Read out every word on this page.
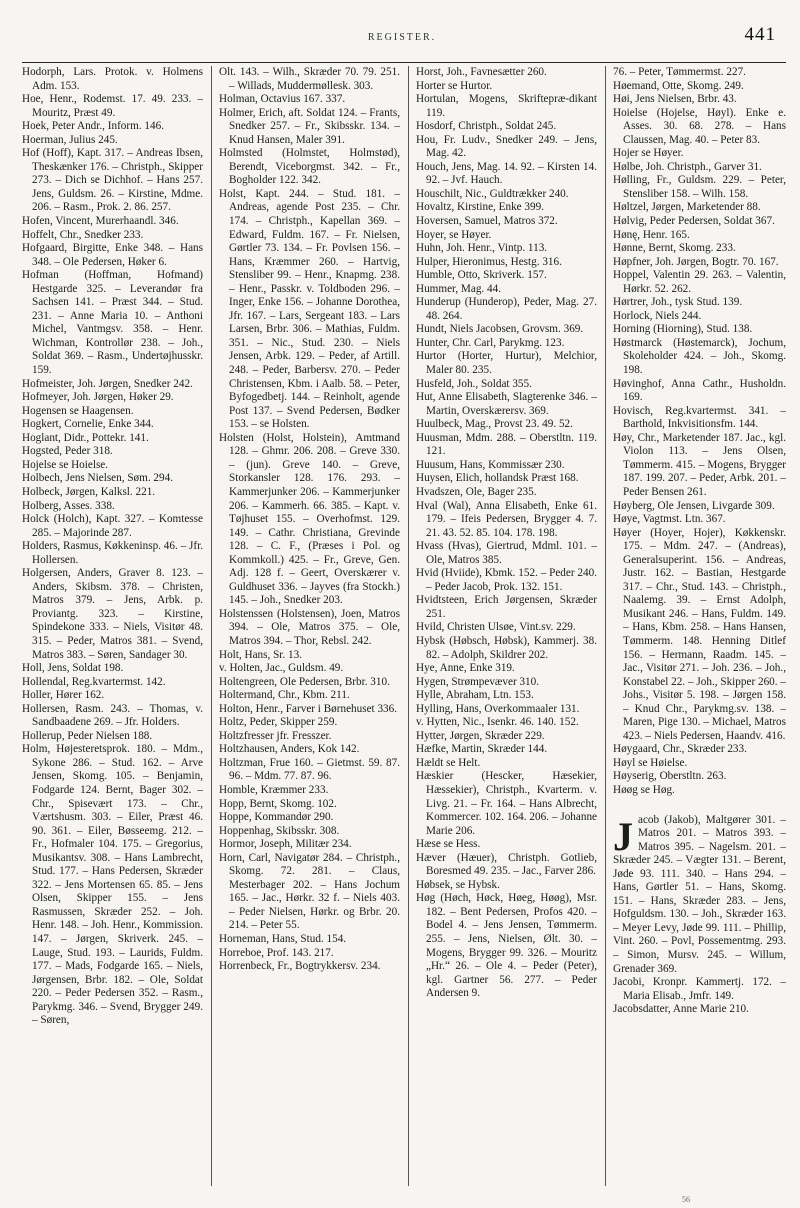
REGISTER.	441

Hodorph, Lars. Protok. v. Holmens Adm. 153.

Hoe, Henr., Rodemst. 17. 49. 233. – Mouritz, Præst 49.

Hoek, Peter Andr., Inform. 146.

Hoerman, Julius 245.

Hof (Hoff), Kapt. 317. – Andreas Ibsen, Theskænker 176. – Christph., Skipper 273. – Dich se Dichhof. – Hans 257. Jens, Guldsm. 26. – Kirstine, Mdme. 206. – Rasm., Prok. 2. 86. 257.

Hofen, Vincent, Murerhaandl. 346.

Hoffelt, Chr., Snedker 233.

Hofgaard, Birgitte, Enke 348. – Hans 348. – Ole Pedersen, Høker 6.

Hofman (Hoffman, Hofmand) Hestgarde 325. – Leverandør fra Sachsen 141. – Præst 344. – Stud. 231. – Anne Maria 10. – Anthoni Michel, Vantmgsv. 358. – Henr. Wichman, Kontrollør 238. – Joh., Soldat 369. – Rasm., Undertøjhusskr. 159.

Hofmeister, Joh. Jørgen, Snedker 242.

Hofmeyer, Joh. Jørgen, Høker 29.

Hogensen se Haagensen.

Hogkert, Cornelie, Enke 344.

Hoglant, Didr., Pottekr. 141.

Hogsted, Peder 318.

Hojelse se Hoielse.

Holbech, Jens Nielsen, Søm. 294.

Holbeck, Jørgen, Kalksl. 221.

Holberg, Asses. 338.

Holck (Holch), Kapt. 327. – Komtesse 285. – Majorinde 287.

Holders, Rasmus, Køkkeninsp. 46. – Jfr. Hollersen.

Holgersen, Anders, Graver 8. 123. – Anders, Skibsm. 378. – Christen, Matros 379. – Jens, Arbk. p. Proviantg. 323. – Kirstine, Spindekone 333. – Niels, Visitør 48. 315. – Peder, Matros 381. – Svend, Matros 383. – Søren, Sandager 30.

Holl, Jens, Soldat 198.

Hollendal, Reg.kvartermst. 142.

Holler, Hører 162.

Hollersen, Rasm. 243. – Thomas, v. Sandbaadene 269. – Jfr. Holders.

Hollerup, Peder Nielsen 188.

Holm, Højesteretsprok. 180. – Mdm., Sykone 286. – Stud. 162. – Arve Jensen, Skomg. 105. – Benjamin, Fodgarde 124. Bernt, Bager 302. – Chr., Spisevært 173. – Chr., Værtshusm. 303. – Eiler, Præst 46. 90. 361. – Eiler, Bøsseemg. 212. – Fr., Hofmaler 104. 175. – Gregorius, Musikantsv. 308. – Hans Lambrecht, Stud. 177. – Hans Pedersen, Skræder 322. – Jens Mortensen 65. 85. – Jens Olsen, Skipper 155. – Jens Rasmussen, Skræder 252. – Joh. Henr. 148. – Joh. Henr., Kommission. 147. – Jørgen, Skriverk. 245. – Lauge, Stud. 193. – Laurids, Fuldm. 177. – Mads, Fodgarde 165. – Niels, Jørgensen, Brbr. 182. – Ole, Soldat 220. – Peder Pedersen 352. – Rasm., Parykmg. 346. – Svend, Brygger 249. – Søren,

Olt. 143. – Wilh., Skræder 70. 79. 251. – Willads, Muddermøllesk. 303.

Holman, Octavius 167. 337.

Holmer, Erich, aft. Soldat 124. – Frants, Snedker 257. – Fr., Skibsskr. 134. – Knud Hansen, Maler 391.

Holmsted (Holmstet, Holmstød), Berendt, Viceborgmst. 342. – Fr., Bogholder 122. 342.

Holst, Kapt. 244. – Stud. 181. – Andreas, agende Post 235. – Chr. 174. – Christph., Kapellan 369. – Edward, Fuldm. 167. – Fr. Nielsen, Gørtler 73. 134. – Fr. Povlsen 156. – Hans, Kræmmer 260. – Hartvig, Stensliber 99. – Henr., Knapmg. 238. – Henr., Passkr. v. Toldboden 296. – Inger, Enke 156. – Johanne Dorothea, Jfr. 167. – Lars, Sergeant 183. – Lars Larsen, Brbr. 306. – Mathias, Fuldm. 351. – Nic., Stud. 230. – Niels Jensen, Arbk. 129. – Peder, af Artill. 248. – Peder, Barbersv. 270. – Peder Christensen, Kbm. i Aalb. 58. – Peter, Byfogedbetj. 144. – Reinholt, agende Post 137. – Svend Pedersen, Bødker 153. – se Holsten.

Holsten (Holst, Holstein), Amtmand 128. – Ghmr. 206. 208. – Greve 330. – (jun). Greve 140. – Greve, Storkansler 128. 176. 293. – Kammerjunker 206. – Kammerjunker 206. – Kammerh. 66. 385. – Kapt. v. Tøjhuset 155. – Overhofmst. 129. 149. – Cathr. Christiana, Grevinde 128. – C. F., (Præses i Pol. og Kommkoll.) 425. – Fr., Greve, Gen. Adj. 128 f. – Geert, Overskærer v. Guldhuset 336. – Jayves (fra Stockh.) 145. – Joh., Snedker 203.

Holstenssen (Holstensen), Joen, Matros 394. – Ole, Matros 375. – Ole, Matros 394. – Thor, Rebsl. 242.

Holt, Hans, Sr. 13.

v. Holten, Jac., Guldsm. 49.

Holtengreen, Ole Pedersen, Brbr. 310.

Holtermand, Chr., Kbm. 211.

Holton, Henr., Farver i Børnehuset 336.

Holtz, Peder, Skipper 259.

Holtzfresser jfr. Fresszer.

Holtzhausen, Anders, Kok 142.

Holtzman, Frue 160. – Gietmst. 59. 87. 96. – Mdm. 77. 87. 96.

Homble, Kræmmer 233.

Hopp, Bernt, Skomg. 102.

Hoppe, Kommandør 290.

Hoppenhag, Skibsskr. 308.

Hormor, Joseph, Militær 234.

Horn, Carl, Navigatør 284. – Christph., Skomg. 72. 281. – Claus, Mesterbager 202. – Hans Jochum 165. – Jac., Hørkr. 32 f. – Niels 403. – Peder Nielsen, Hørkr. og Brbr. 20. 214. – Peter 55.

Horneman, Hans, Stud. 154.

Horreboe, Prof. 143. 217.

Horrenbeck, Fr., Bogtrykkersv. 234.

Horst, Joh., Favnesætter 260.

Horter se Hurtor.

Hortulan, Mogens, Skriftepræ-dikant 119.

Hosdorf, Christph., Soldat 245.

Hou, Fr. Ludv., Snedker 249. – Jens, Mag. 42.

Houch, Jens, Mag. 14. 92. – Kirsten 14. 92. – Jvf. Hauch.

Houschilt, Nic., Guldtrækker 240.

Hovaltz, Kirstine, Enke 399.

Hoversen, Samuel, Matros 372.

Hoyer, se Høyer.

Huhn, Joh. Henr., Vintp. 113.

Hulper, Hieronimus, Hestg. 316.

Humble, Otto, Skriverk. 157.

Hummer, Mag. 44.

Hunderup (Hunderop), Peder, Mag. 27. 48. 264.

Hundt, Niels Jacobsen, Grovsm. 369.

Hunter, Chr. Carl, Parykmg. 123.

Hurtor (Horter, Hurtur), Melchior, Maler 80. 235.

Husfeld, Joh., Soldat 355.

Hut, Anne Elisabeth, Slagterenke 346. – Martin, Overskærersv. 369.

Huulbeck, Mag., Provst 23. 49. 52.

Huusman, Mdm. 288. – Oberstltn. 119. 121.

Huusum, Hans, Kommissær 230.

Huysen, Elich, hollandsk Præst 168.

Hvadszen, Ole, Bager 235.

Hval (Wal), Anna Elisabeth, Enke 61. 179. – Ifeis Pedersen, Brygger 4. 7. 21. 43. 52. 85. 104. 178. 198.

Hvass (Hvas), Giertrud, Mdml. 101. – Ole, Matros 385.

Hvid (Hviide), Kbmk. 152. – Peder 240. – Peder Jacob, Prok. 132. 151.

Hvidtsteen, Erich Jørgensen, Skræder 251.

Hvild, Christen Ulsøe, Vint.sv. 229.

Hybsk (Høbsch, Høbsk), Kammerj. 38. 82. – Adolph, Skildrer 202.

Hye, Anne, Enke 319.

Hygen, Strømpevæver 310.

Hylle, Abraham, Ltn. 153.

Hylling, Hans, Overkommaaler 131.

v. Hytten, Nic., Isenkr. 46. 140. 152.

Hytter, Jørgen, Skræder 229.

Hæfke, Martin, Skræder 144.

Hældt se Helt.

Hæskier (Hescker, Hæsekier, Hæssekier), Christph., Kvarterm. v. Livg. 21. – Fr. 164. – Hans Albrecht, Kommercer. 102. 164. 206. – Johanne Marie 206.

Hæse se Hess.

Hæver (Hæuer), Christph. Gotlieb, Boresmed 49. 235. – Jac., Farver 286.

Høbsek, se Hybsk.

Høg (Høch, Høck, Høeg, Høøg), Msr. 182. – Bent Pedersen, Profos 420. – Bodel 4. – Jens Jensen, Tømmerm. 255. – Jens, Nielsen, Ølt. 30. – Mogens, Brygger 99. 326. – Mouritz „Hr.“ 26. – Ole 4. – Peder (Peter), kgl. Gartner 56. 277. – Peder Andersen 9.

76. – Peter, Tømmermst. 227.

Høemand, Otte, Skomg. 249.

Høi, Jens Nielsen, Brbr. 43.

Hoielse (Hojelse, Høyl). Enke e. Asses. 30. 68. 278. – Hans Claussen, Mag. 40. – Peter 83.

Hojer se Høyer.

Hølbe, Joh. Christph., Garver 31.

Hølling, Fr., Guldsm. 229. – Peter, Stensliber 158. – Wilh. 158.

Høltzel, Jørgen, Marketender 88.

Hølvig, Peder Pedersen, Soldat 367.

Hønę, Henr. 165.

Hønne, Bernt, Skomg. 233.

Høpfner, Joh. Jørgen, Bogtr. 70. 167.

Hoppel, Valentin 29. 263. – Valentin, Hørkr. 52. 262.

Hørtrer, Joh., tysk Stud. 139.

Horlock, Niels 244.

Horning (Hiorning), Stud. 138.

Høstmarck (Høstemarck), Jochum, Skoleholder 424. – Joh., Skomg. 198.

Høvinghof, Anna Cathr., Husholdn. 169.

Hovisch, Reg.kvartermst. 341. – Barthold, Inkvisitionsfm. 144.

Høy, Chr., Marketender 187. Jac., kgl. Violon 113. – Jens Olsen, Tømmerm. 415. – Mogens, Brygger 187. 199. 207. – Peder, Arbk. 201. – Peder Bensen 261.

Høyberg, Ole Jensen, Livgarde 309.

Høye, Vagtmst. Ltn. 367.

Høyer (Hoyer, Hojer), Køkkenskr. 175. – Mdm. 247. – (Andreas), Generalsuperint. 156. – Andreas, Justr. 162. – Bastian, Hestgarde 317. – Chr., Stud. 143. – Christph., Naalemg. 39. – Ernst Adolph, Musikant 246. – Hans, Fuldm. 149. – Hans, Kbm. 258. – Hans Hansen, Tømmerm. 148. Henning Ditlef 156. – Hermann, Raadm. 145. – Jac., Visitør 271. – Joh. 236. – Joh., Konstabel 22. – Joh., Skipper 260. – Johs., Visitør 5. 198. – Jørgen 158. – Knud Chr., Parykmg.sv. 138. – Maren, Pige 130. – Michael, Matros 423. – Niels Pedersen, Haandv. 416.

Høygaard, Chr., Skræder 233.

Høyl se Høielse.

Høyserig, Oberstltn. 263.

Høøg se Høg.

Jacob (Jakob), Maltgører 301. – Matros 201. – Matros 393. – Matros 395. – Nagelsm. 201. – Skræder 245. – Vægter 131. – Berent, Jøde 93. 111. 340. – Hans 294. – Hans, Gørtler 51. – Hans, Skomg. 151. – Hans, Skræder 283. – Jens, Hofguldsm. 130. – Joh., Skræder 163. – Meyer Levy, Jøde 99. 111. – Phillip, Vint. 260. – Povl, Possementmg. 293. – Simon, Mursv. 245. – Willum, Grenader 369.

Jacobi, Kronpr. Kammertj. 172. – Maria Elisab., Jmfr. 149.

Jacobsdatter, Anne Marie 210.

56
